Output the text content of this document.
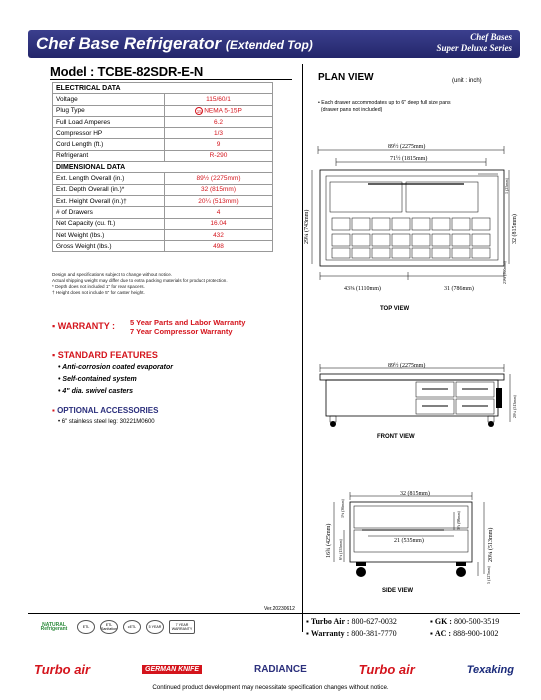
Chef Base Refrigerator (Extended Top)
Chef Bases
Super Deluxe Series
Model : TCBE-82SDR-E-N
ELECTRICAL DATA	
Voltage	115/60/1
Plug Type	15 NEMA 5-15P
Full Load Amperes	6.2
Compressor HP	1/3
Cord Length (ft.)	9
Refrigerant	R-290
DIMENSIONAL DATA	
Ext. Length Overall (in.)	89½ (2275mm)
Ext. Depth Overall (in.)*	32 (815mm)
Ext. Height Overall (in.)†	20¼ (513mm)
# of Drawers	4
Net Capacity (cu. ft.)	16.04
Net Weight (lbs.)	432
Gross Weight (lbs.)	498
Design and specifications subject to change without notice.
Actual shipping weight may differ due to extra packing materials for product protection.
* Depth does not included 1" for rear spacers.
† Height does not include 5" for caster height.
▪ WARRANTY : 5 Year Parts and Labor Warranty
7 Year Compressor Warranty
▪ STANDARD FEATURES
• Anti-corrosion coated evaporator
• Self-contained system
• 4" dia. swivel casters
▪ OPTIONAL ACCESSORIES
• 6" stainless steel leg: 30221M0600
PLAN VIEW	(unit : inch)
• Each drawer accommodates up to 6" deep full size pans
(drawer pans not included)
89½ (2275mm)
71½ (1815mm)
29¼ (743mm)	32 (815mm)
1 (25mm)
23¼ (590mm)
43⅜ (1110mm)	31 (786mm)
TOP VIEW
89½ (2275mm)
20¼ (513mm)
FRONT VIEW
32 (815mm)
1⅜ (36mm)
21 (535mm)
3⅞ (98mm)
20¼ (513mm)
16¾ (425mm) 6⅛ (155mm)
5 (127mm)
SIDE VIEW
Ver.20230612
NATURAL Refrigerant	ETL	ETL Sanitation	cETL	5 YEAR	7 YEAR WARRANTY
▪ Turbo Air : 800-627-0032	▪ GK : 800-500-3519
▪ Warranty : 800-381-7770	▪ AC : 888-900-1002
Turbo air	GERMAN KNIFE	RADIANCE	Turbo air	Texaking
Continued product development may necessitate specification changes without notice.
